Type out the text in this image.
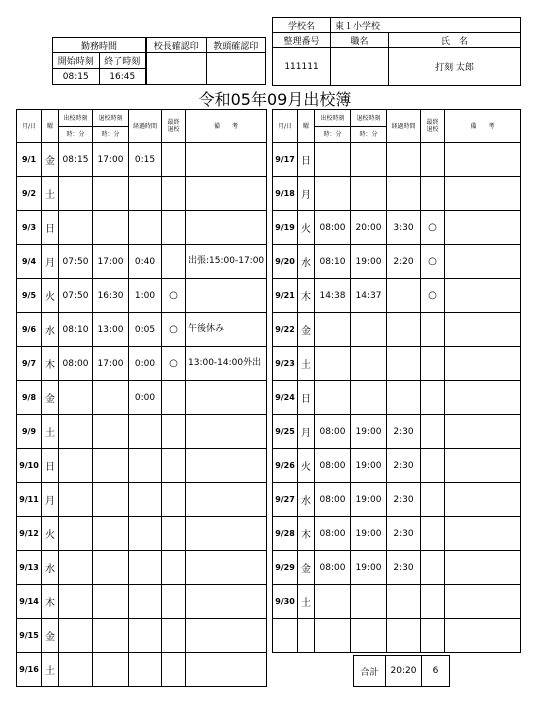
勤務時間	
開始時刻	終了時刻
08:15	16:45
校長確認印	教頭確認印

学校名	東１小学校	
整理番号	職名	氏　名
111111		打刻 太郎
令和05年09月出校簿
月/日	曜	出校時刻	退校時刻	経過時間	最終
退校	備　　考
		時：分	時：分			
9/1	金	08:15	17:00	0:15		
9/2	土					
9/3	日					
9/4	月	07:50	17:00	0:40		出張:15:00-17:00
9/5	火	07:50	16:30	1:00	○	
9/6	水	08:10	13:00	0:05	○	午後休み
9/7	木	08:00	17:00	0:00	○	13:00-14:00外出
9/8	金			0:00		
9/9	土					
9/10	日					
9/11	月					
9/12	火					
9/13	水					
9/14	木					
9/15	金					
9/16	土					
月/日	曜	出校時刻	退校時刻	経過時間	最終
退校	備　　考
		時：分	時：分			
9/17	日					
9/18	月					
9/19	火	08:00	20:00	3:30	○	
9/20	水	08:10	19:00	2:20	○	
9/21	木	14:38	14:37		○	
9/22	金					
9/23	土					
9/24	日					
9/25	月	08:00	19:00	2:30		
9/26	火	08:00	19:00	2:30		
9/27	水	08:00	19:00	2:30		
9/28	木	08:00	19:00	2:30		
9/29	金	08:00	19:00	2:30		
9/30	土					

合計	20:20	6
